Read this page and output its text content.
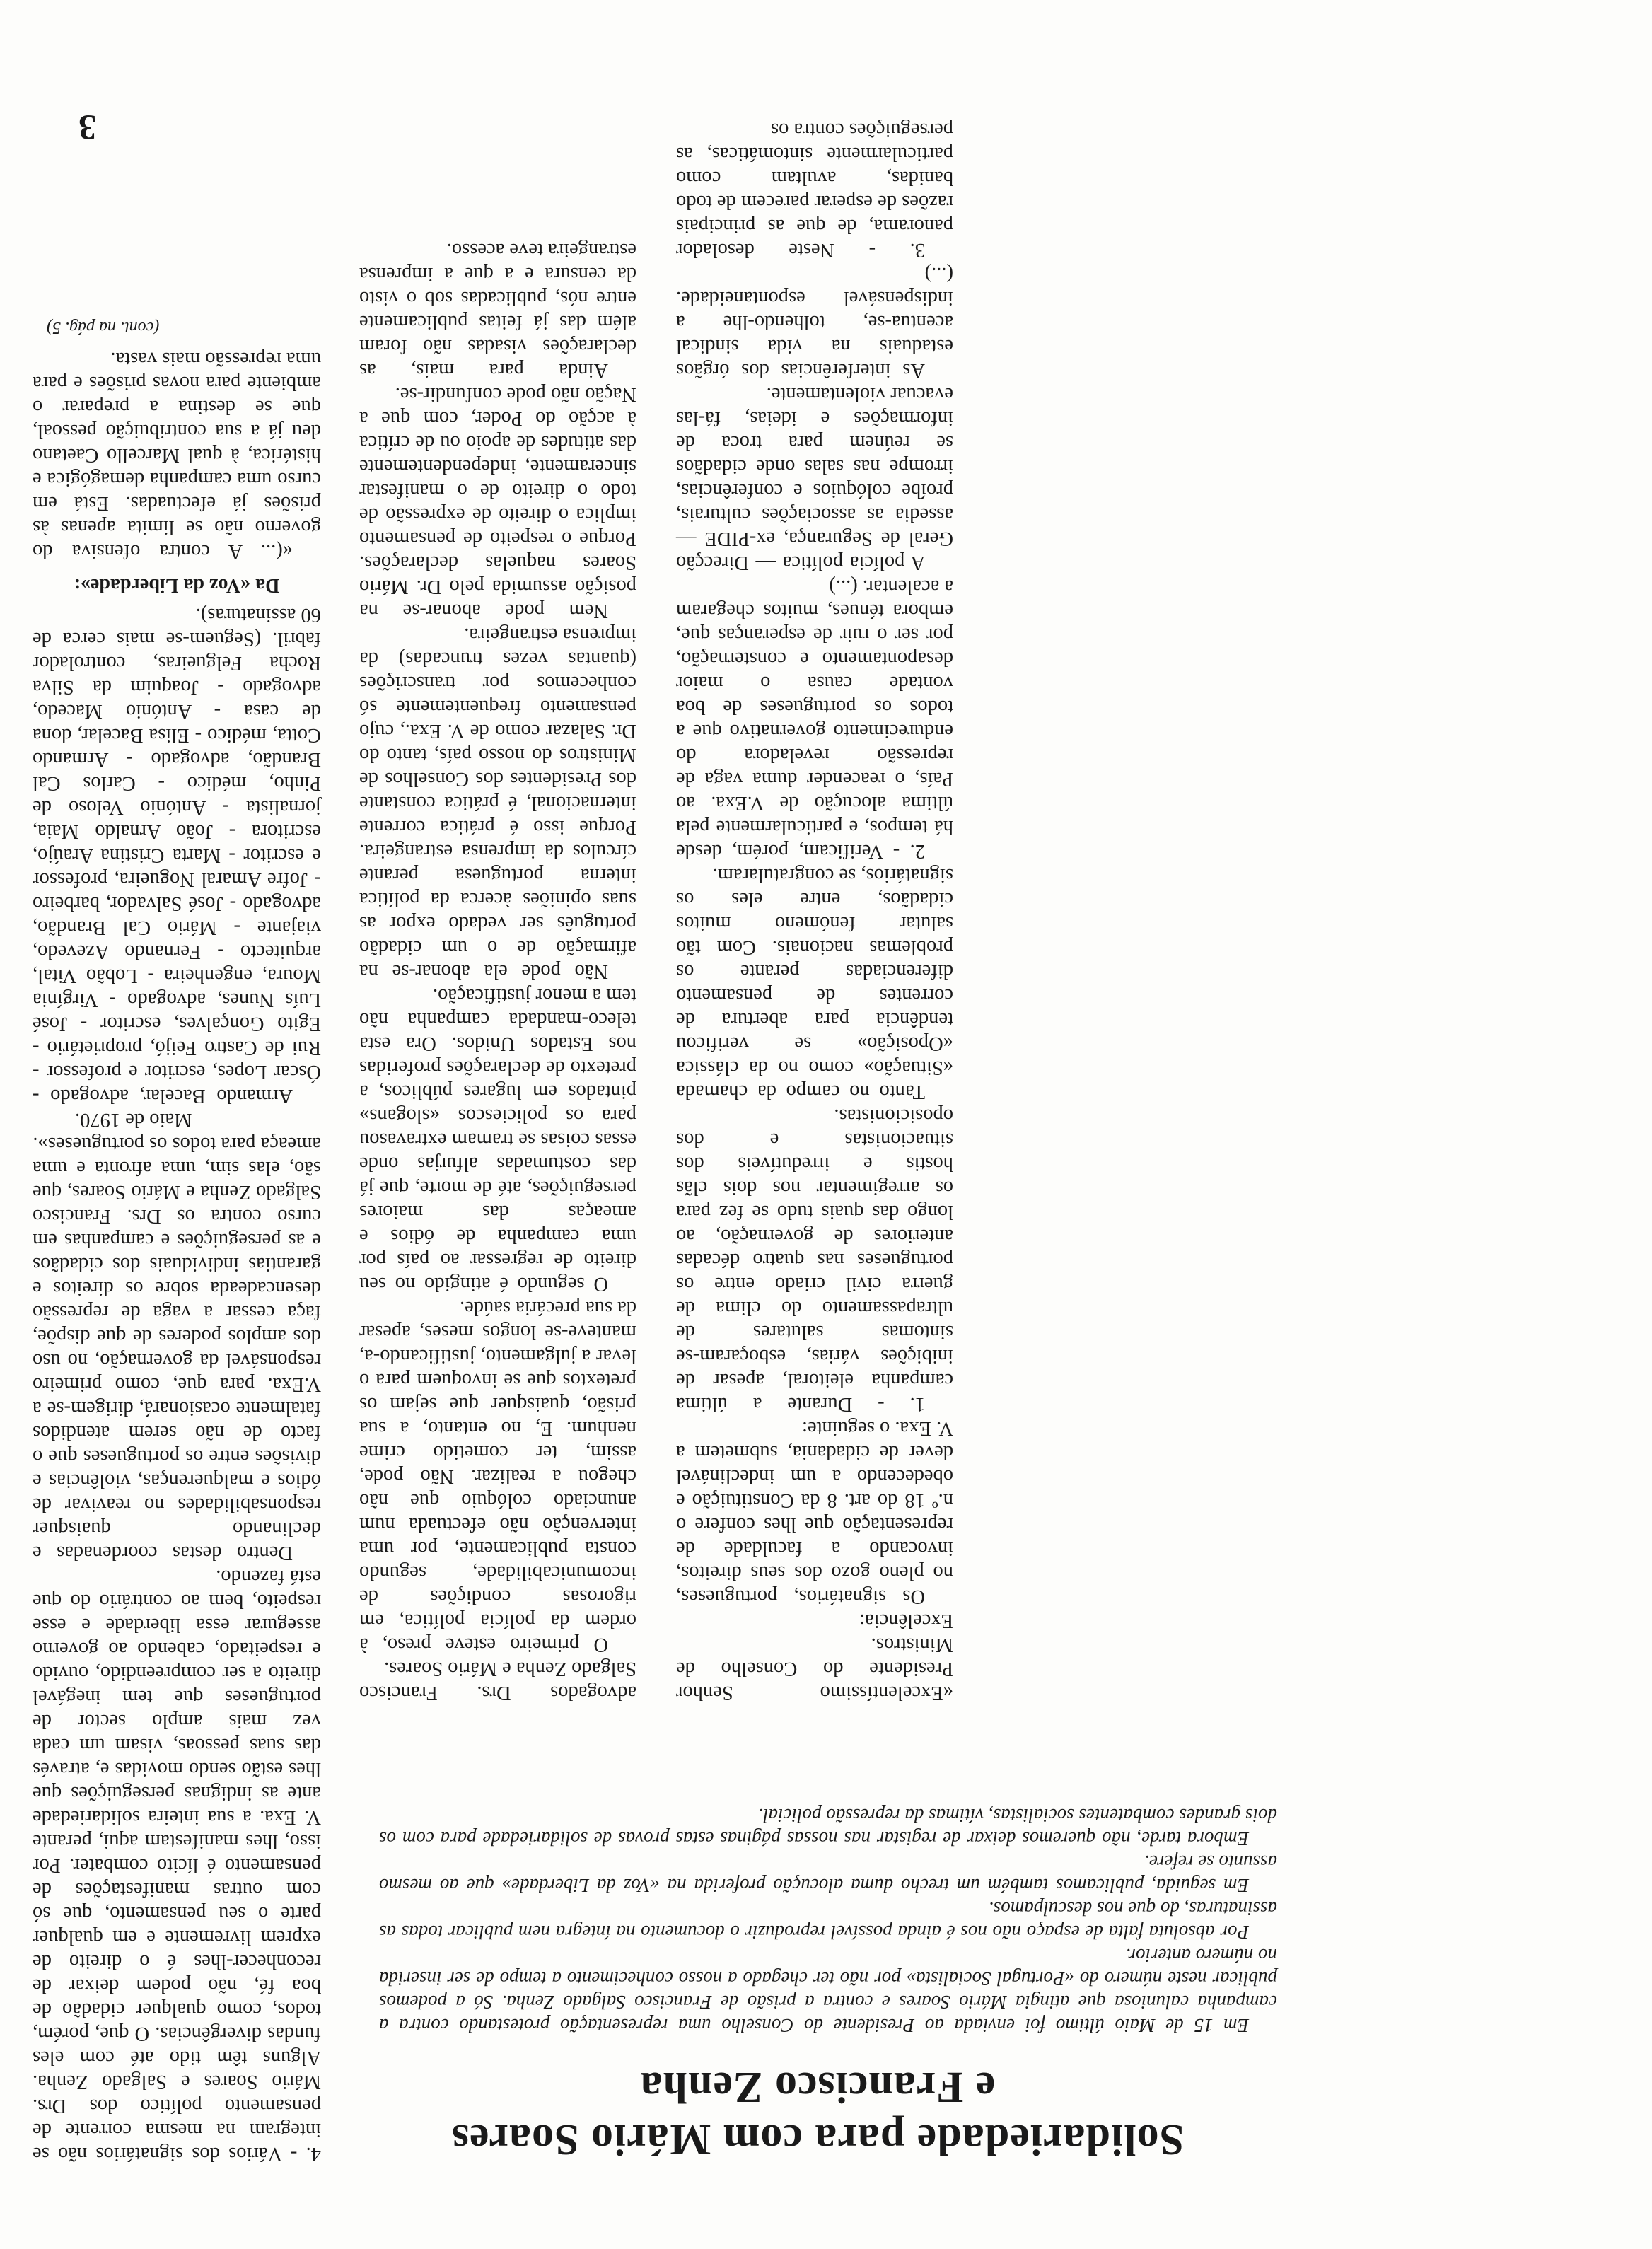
3
Solidariedade para com Mário Soares
e Francisco Zenha

Em 15 de Maio último foi enviada ao Presidente do Conselho uma representação protestando contra a campanha caluniosa que atingia Mário Soares e contra a prisão de Francisco Salgado Zenha. Só a podemos publicar neste número do «Portugal Socialista» por não ter chegado a nosso conhecimento a tempo de ser inserida no número anterior.

Por absoluta falta de espaço não nos é ainda possível reproduzir o documento na íntegra nem publicar todas as assinaturas, do que nos desculpamos.

Em seguida, publicamos também um trecho duma alocução proferida na «Voz da Liberdade» que ao mesmo assunto se refere.

Embora tarde, não queremos deixar de registar nas nossas páginas estas provas de solidariedade para com os dois grandes combatentes socialistas, vítimas da repressão policial.

4. - Vários dos signatários não se integram na mesma corrente de pensamento político dos Drs. Mário Soares e Salgado Zenha. Alguns têm tido até com eles fundas divergências. O que, porém, todos, como qualquer cidadão de boa fé, não podem deixar de reconhecer-lhes é o direito de exprem livremente e em qualquer parte o seu pensamento, que só com outras manifestações de pensamento é lícito combater. Por isso, lhes manifestam aqui, perante V. Exa. a sua inteira solidariedade ante as indignas perseguições que lhes estão sendo movidas e, através das suas pessoas, visam um cada vez mais amplo sector de portugueses que tem inegável direito a ser compreendido, ouvido e respeitado, cabendo ao governo assegurar essa liberdade e esse respeito, bem ao contrário do que está fazendo.

Dentro destas coordenadas e declinando quaisquer responsabilidades no reavivar de ódios e malquerenças, violências e divisões entre os portugueses que o facto de não serem atendidos fatalmente ocasionará, dirigem-se a V.Exa. para que, como primeiro responsável da governação, no uso dos amplos poderes de que dispõe, faça cessar a vaga de repressão desencadeada sobre os direitos e garantias individuais dos cidadãos e as perseguições e campanhas em curso contra os Drs. Francisco Salgado Zenha e Mário Soares, que são, elas sim, uma afronta e uma ameaça para todos os portugueses».

Maio de 1970.

Armando Bacelar, advogado - Óscar Lopes, escritor e professor - Rui de Castro Feijó, proprietário - Egito Gonçalves, escritor - José Luís Nunes, advogado - Virgínia Moura, engenheira - Lobão Vital, arquitecto - Fernando Azevedo, viajante - Mário Cal Brandão, advogado - José Salvador, barbeiro - Jofre Amaral Nogueira, professor e escritor - Marta Cristina Araújo, escritora - João Arnaldo Maia, jornalista - António Veloso de Pinho, médico - Carlos Cal Brandão, advogado - Armando Cotta, médico - Elisa Bacelar, dona de casa - António Macedo, advogado - Joaquim da Silva Rocha Felgueiras, controlador fabril. (Seguem-se mais cerca de 60 assinaturas).

Da «Voz da Liberdade»:

«(... A contra ofensiva do governo não se limita apenas às prisões já efectuadas. Está em curso uma campanha demagógica e histérica, à qual Marcello Caetano deu já a sua contribuição pessoal, que se destina a preparar o ambiente para novas prisões e para uma repressão mais vasta.

(cont. na pág. 5)

advogados Drs. Francisco Salgado Zenha e Mário Soares.

O primeiro esteve preso, à ordem da polícia política, em rigorosas condições de incomunicabilidade, segundo consta publicamente, por uma intervenção não efectuada num anunciado colóquio que não chegou a realizar. Não pode, assim, ter cometido crime nenhum. E, no entanto, a sua prisão, quaisquer que sejam os pretextos que se invoquem para o levar a julgamento, justificando-a, manteve-se longos meses, apesar da sua precária saúde.

O segundo é atingido no seu direito de regressar ao país por uma campanha de ódios e ameaças das maiores perseguições, até de morte, que já das costumadas alfurjas onde essas coisas se tramam extravasou para os policiescos «slogans» pintados em lugares públicos, a pretexto de declarações proferidas nos Estados Unidos. Ora esta teleco-mandada campanha não tem a menor justificação.

Não pode ela abonar-se na afirmação de o um cidadão português ser vedado expor as suas opiniões àcerca da política interna portuguesa perante círculos da imprensa estrangeira. Porque isso é prática corrente internacional, é prática constante dos Presidentes dos Conselhos de Ministros do nosso país, tanto do Dr. Salazar como de V. Exa., cujo pensamento frequentemente só conhecemos por transcrições (quantas vezes truncadas) da imprensa estrangeira.

Nem pode abonar-se na posição assumida pelo Dr. Mário Soares naquelas declarações. Porque o respeito de pensamento implica o direito de expressão de todo o direito de o manifestar sinceramente, independentemente das atitudes de apoio ou de crítica à acção do Poder, com que a Nação não pode confundir-se.

Ainda para mais, as declarações visadas não foram além das já feitas publicamente entre nós, publicadas sob o visto da censura e a que a imprensa estrangeira teve acesso.

«Excelentíssimo Senhor Presidente do Conselho de Ministros.

Excelência:

Os signatários, portugueses, no pleno gozo dos seus direitos, invocando a faculdade de representação que lhes confere o n.º 18 do art. 8 da Constituição e obedecendo a um indeclinável dever de cidadania, submetem a V. Exa. o seguinte:

1. - Durante a última campanha eleitoral, apesar de inibições várias, esboçaram-se sintomas salutares de ultrapassamento do clima de guerra civil criado entre os portugueses nas quatro décadas anteriores de governação, ao longo das quais tudo se fez para os arregimentar nos dois clãs hostis e irredutíveis dos situacionistas e dos oposicionistas.

Tanto no campo da chamada «Situação» como no da clássica «Oposição» se verificou tendência para abertura de correntes de pensamento diferenciadas perante os problemas nacionais. Com tão salutar fenómeno muitos cidadãos, entre eles os signatários, se congratularam.

2. - Verificam, porém, desde há tempos, e particularmente pela última alocução de V.Exa. ao País, o reacender duma vaga de repressão reveladora do endurecimento governativo que a todos os portugueses de boa vontade causa o maior desapontamento e consternação, por ser o ruir de esperanças que, embora ténues, muitos chegaram a acalentar. (...)

A polícia política — Direcção Geral de Segurança, ex-PIDE — assedia as associações culturais, proíbe colóquios e conferências, irrompe nas salas onde cidadãos se reúnem para troca de informações e ideias, fá-las evacuar violentamente.

As interferências dos órgãos estaduais na vida sindical acentua-se, tolhendo-lhe a indispensável espontaneidade. (...)

3. - Neste desolador panorama, de que as principais razões de esperar parecem de todo banidas, avultam como particularmente sintomáticas, as perseguições contra os
